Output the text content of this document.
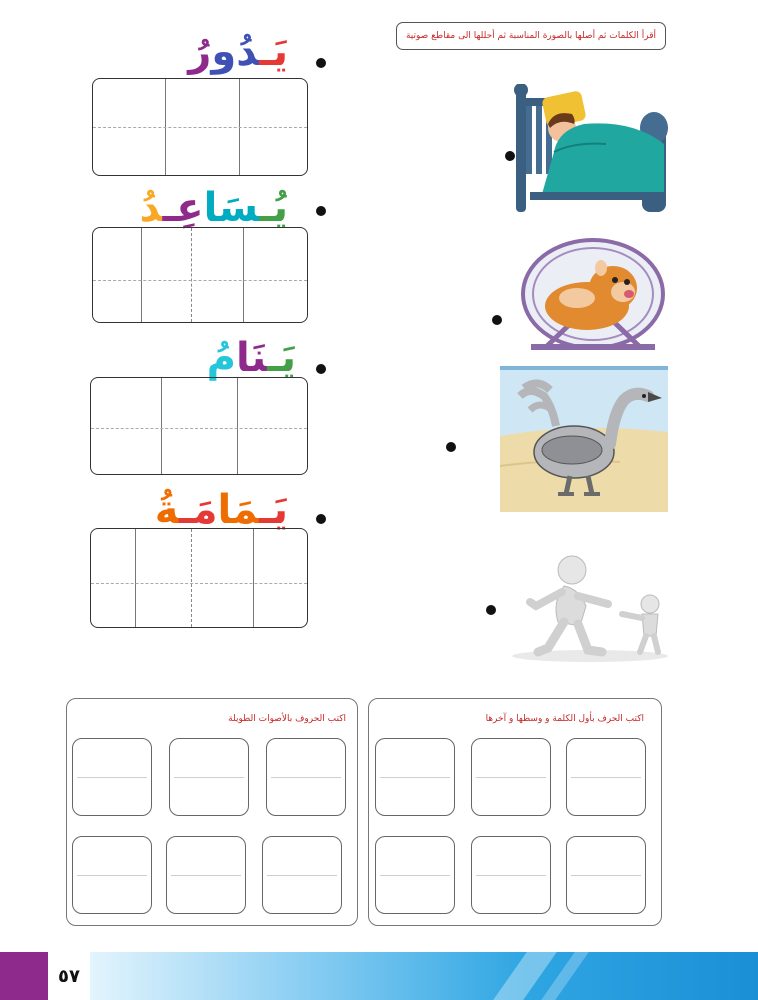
أقرأ الكلمات ثم أصلها بالصورة المناسبة ثم أحللها الى مقاطع صوتية
يَـدُورُ
يُـسَاعِـدُ
يَـنَامُ
يَـمَامَـةُ
اكتب الحروف بالأصوات الطويلة	اكتب الحرف بأول الكلمة و وسطها و آخرها
٥٧
